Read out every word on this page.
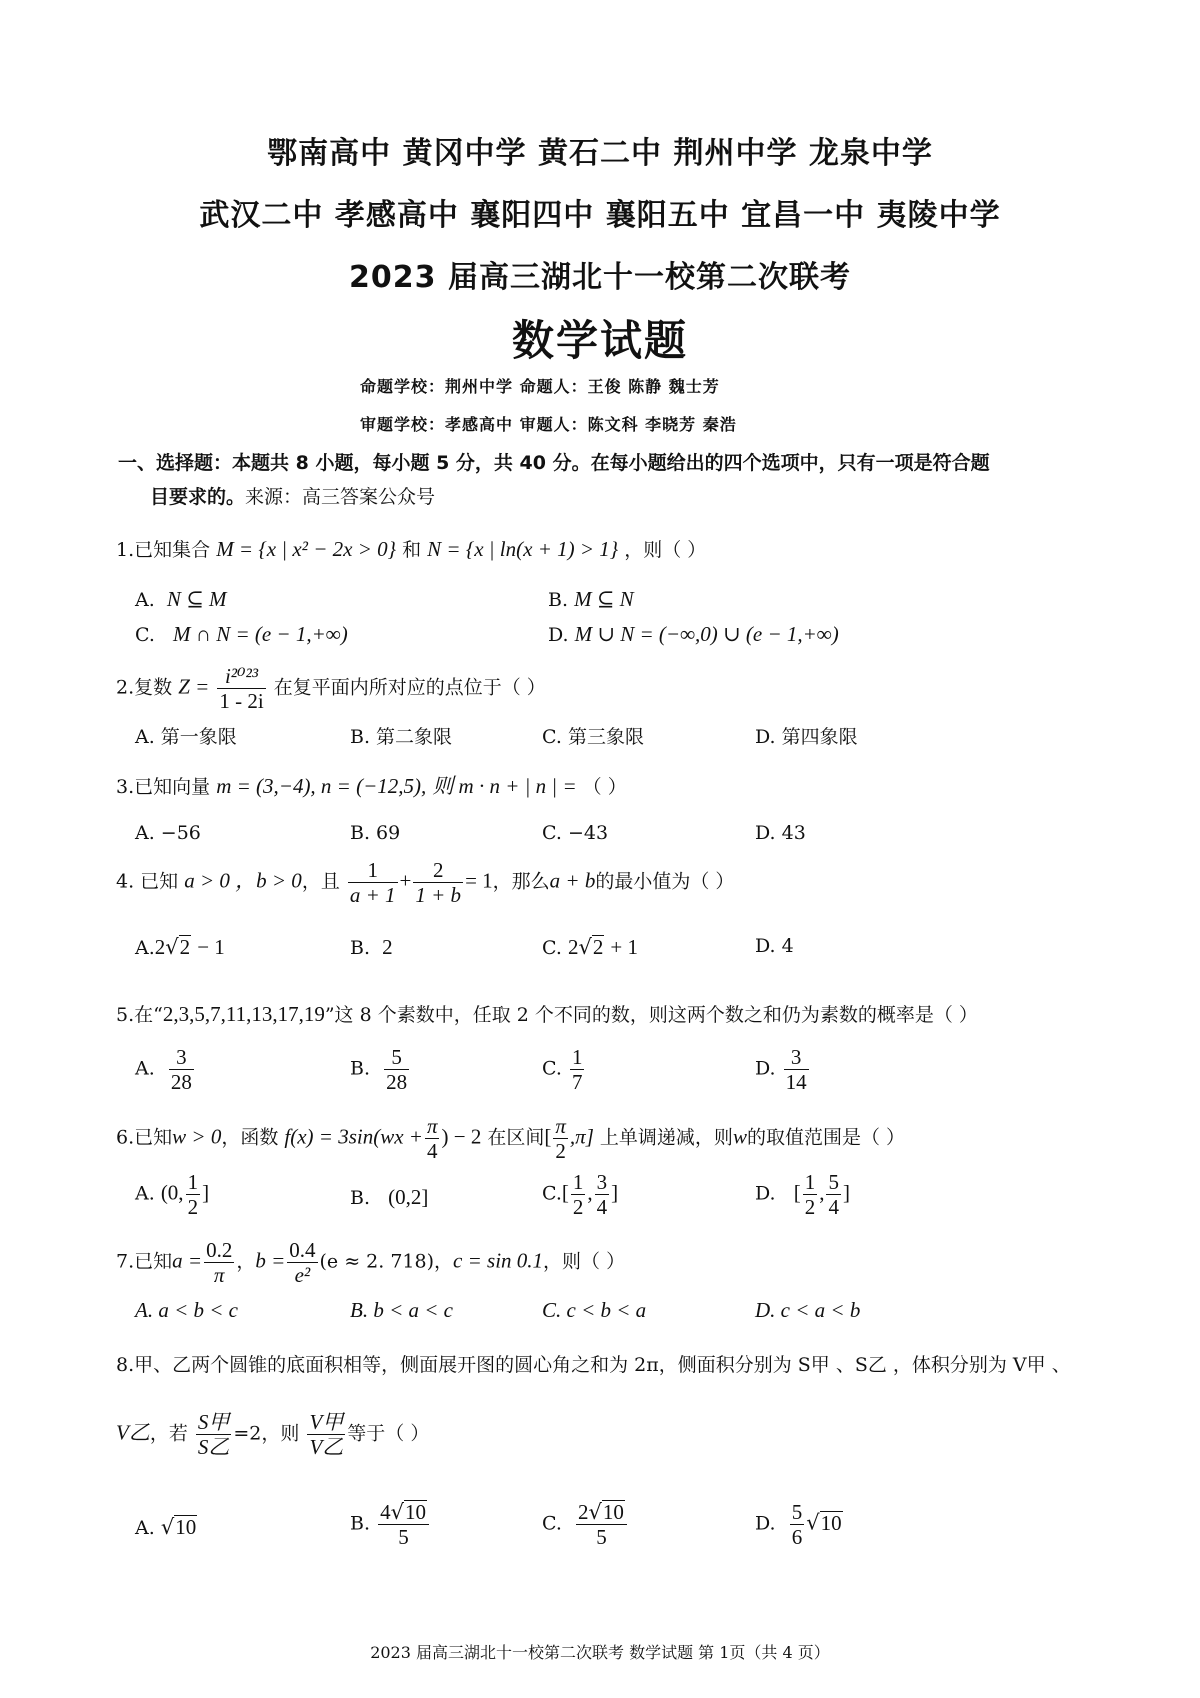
鄂南高中 黄冈中学 黄石二中 荆州中学 龙泉中学
武汉二中 孝感高中 襄阳四中 襄阳五中 宜昌一中 夷陵中学
2023 届高三湖北十一校第二次联考
数学试题
命题学校：荆州中学 命题人：王俊 陈静 魏士芳
审题学校：孝感高中 审题人：陈文科 李晓芳 秦浩
一、选择题：本题共 8 小题，每小题 5 分，共 40 分。在每小题给出的四个选项中，只有一项是符合题
目要求的。来源：高三答案公众号
1.已知集合 M = {x | x² − 2x > 0} 和 N = {x | ln(x + 1) > 1} ，则（ ）
A. N ⊆ M	B. M ⊆ N
C. M ∩ N = (e − 1,+∞)	D. M ∪ N = (−∞,0) ∪ (e − 1,+∞)
2.复数 $Z = \frac{\text{i²⁰²³}}{1 - 2i}$ 在复平面内所对应的点位于（ ）
A. 第一象限	B. 第二象限	C. 第三象限	D. 第四象限
3.已知向量 m = (3,−4), n = (−12,5), 则 m · n + | n | = （ ）
A. −56	B. 69	C. −43	D. 43
4. 已知 a > 0 ，b > 0，且 $\frac{1}{a + 1} + \frac{2}{1 + b} = 1$，那么a + b的最小值为（ ）
A.2√2 − 1	B. 2	C. 2√2 + 1	D. 4
5.在“2,3,5,7,11,13,17,19”这 8 个素数中，任取 2 个不同的数，则这两个数之和仍为素数的概率是（ ）
A. $\frac{3}{28}$	B. $\frac{5}{28}$	C. $\frac{1}{7}$	D. $\frac{3}{14}$
6.已知w > 0，函数 $f(x) = 3\sin(wx + \frac{\pi}{4}$ ) − 2 在区间[ $\frac{\pi}{2} ,\pi$] 上单调递减，则w的取值范围是（ ）
A. (0, $\frac{1}{2}$ ]	B. (0,2]	$C.[ \frac{1}{2}$ , $\frac{3}{4}$ ]	D. [ $\frac{1}{2}$ , $\frac{5}{4}$ ]
7.已知$a = \frac{0.2}{\pi}$ ，$b = \frac{0.4}{\text{e²}} (e \approx 2$. 718)，c = sin 0.1，则（ ）
A. a < b < c	B. b < a < c	C. c < b < a	D. c < a < b
8.甲、乙两个圆锥的底面积相等，侧面展开图的圆心角之和为 2π，侧面积分别为 S甲 、S乙 ，体积分别为 V甲 、
V乙，若 $\frac{\text{S甲}}{\text{S乙}} =2$，则 $\frac{\text{V甲}}{\text{V乙}}$ 等于（ ）
A. √10	B. $\frac{4√10}{5}$	C. $\frac{2√10}{5}$	D. $\frac{5}{6} √10$
2023 届高三湖北十一校第二次联考 数学试题 第 1页（共 4 页）
